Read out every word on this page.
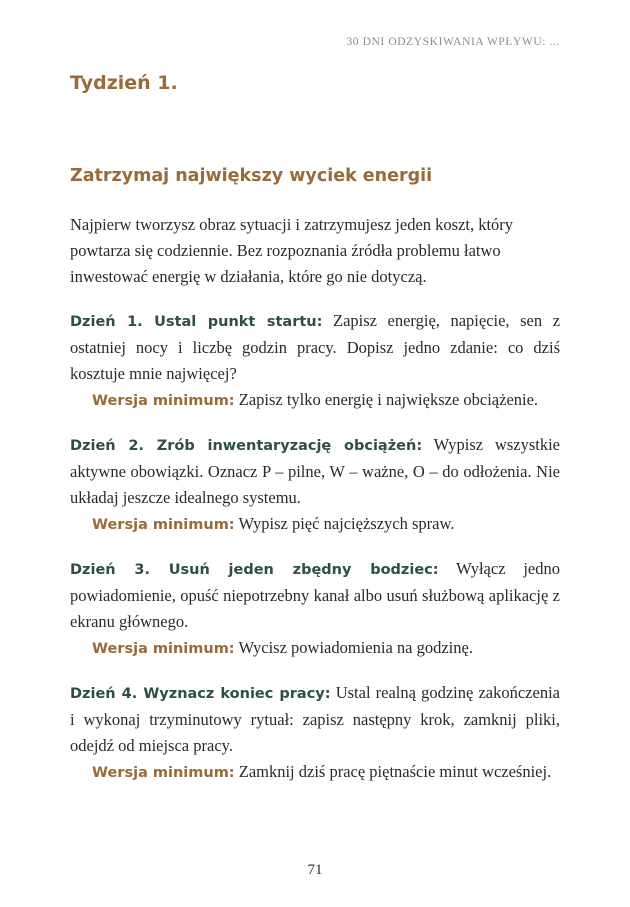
30 DNI ODZYSKIWANIA WPŁYWU: ...
Tydzień 1.
Zatrzymaj największy wyciek energii

Najpierw tworzysz obraz sytuacji i zatrzymujesz jeden koszt, który powtarza się codziennie. Bez rozpoznania źródła problemu łatwo inwestować energię w działania, które go nie dotyczą.

Dzień 1. Ustal punkt startu: Zapisz energię, napięcie, sen z ostatniej nocy i liczbę godzin pracy. Dopisz jedno zdanie: co dziś kosztuje mnie najwięcej?

Wersja minimum: Zapisz tylko energię i największe obciążenie.

Dzień 2. Zrób inwentaryzację obciążeń: Wypisz wszystkie aktywne obowiązki. Oznacz P – pilne, W – ważne, O – do odłożenia. Nie układaj jeszcze idealnego systemu.

Wersja minimum: Wypisz pięć najcięższych spraw.

Dzień 3. Usuń jeden zbędny bodziec: Wyłącz jedno powiadomienie, opuść niepotrzebny kanał albo usuń służbową aplikację z ekranu głównego.

Wersja minimum: Wycisz powiadomienia na godzinę.

Dzień 4. Wyznacz koniec pracy: Ustal realną godzinę zakończenia i wykonaj trzyminutowy rytuał: zapisz następny krok, zamknij pliki, odejdź od miejsca pracy.

Wersja minimum: Zamknij dziś pracę piętnaście minut wcześniej.

71
